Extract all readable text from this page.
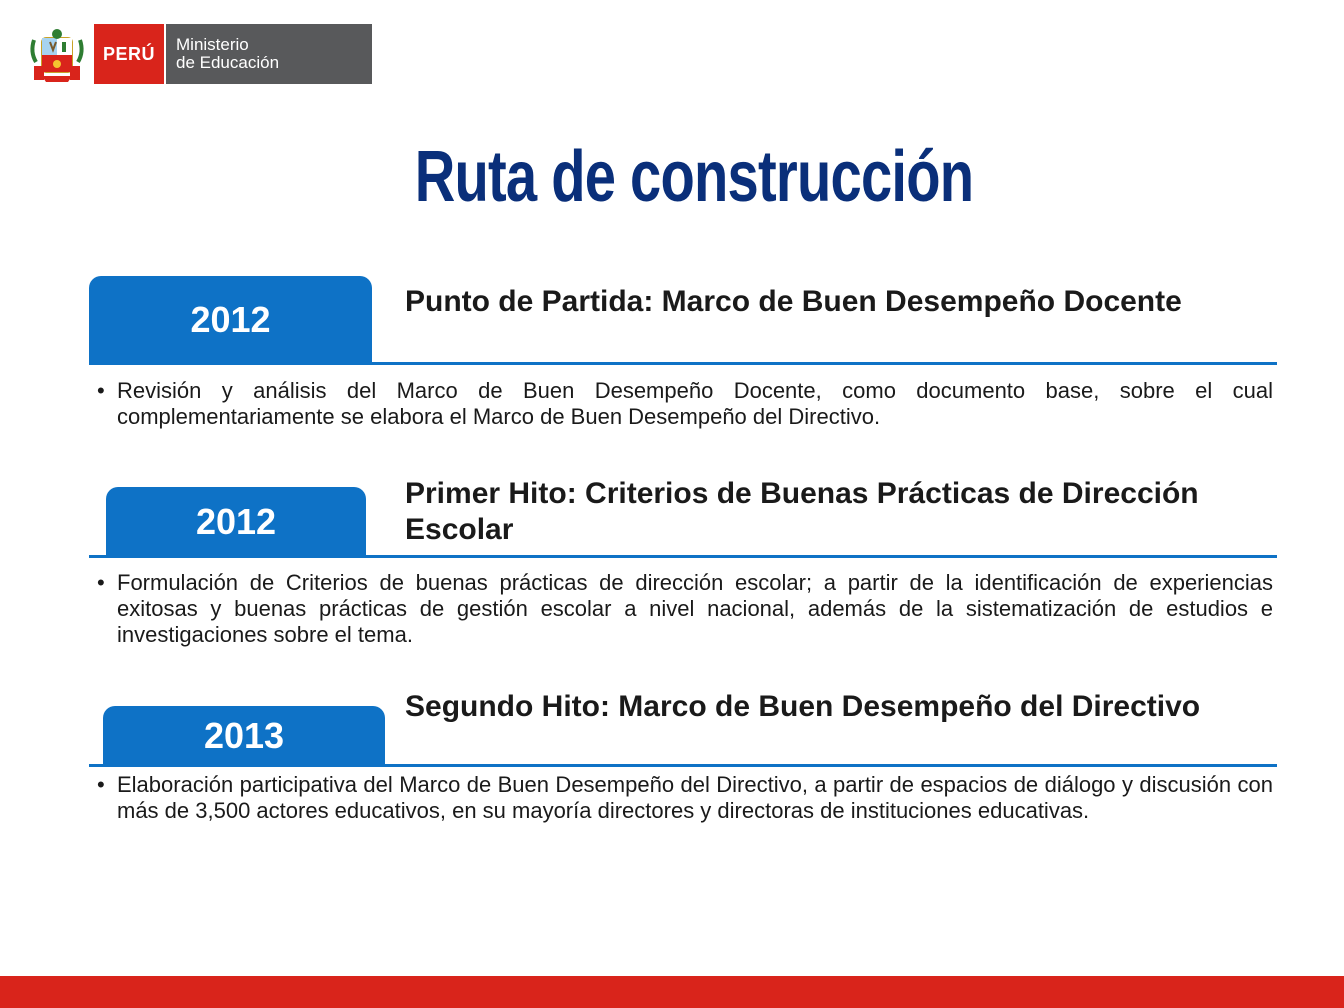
PERÚ Ministerio
de Educación
Ruta de construcción
2012	Punto de Partida: Marco de Buen Desempeño Docente
• Revisión y análisis del Marco de Buen Desempeño Docente, como documento base, sobre el cual complementariamente se elabora el Marco de Buen Desempeño del Directivo.
2012
Primer Hito: Criterios de Buenas Prácticas de Dirección Escolar
• Formulación de Criterios de buenas prácticas de dirección escolar; a partir de la identificación de experiencias exitosas y buenas prácticas de gestión escolar a nivel nacional, además de la sistematización de estudios e investigaciones sobre el tema.
2013
Segundo Hito: Marco de Buen Desempeño del Directivo
• Elaboración participativa del Marco de Buen Desempeño del Directivo, a partir de espacios de diálogo y discusión con más de 3,500 actores educativos, en su mayoría directores y directoras de instituciones educativas.
